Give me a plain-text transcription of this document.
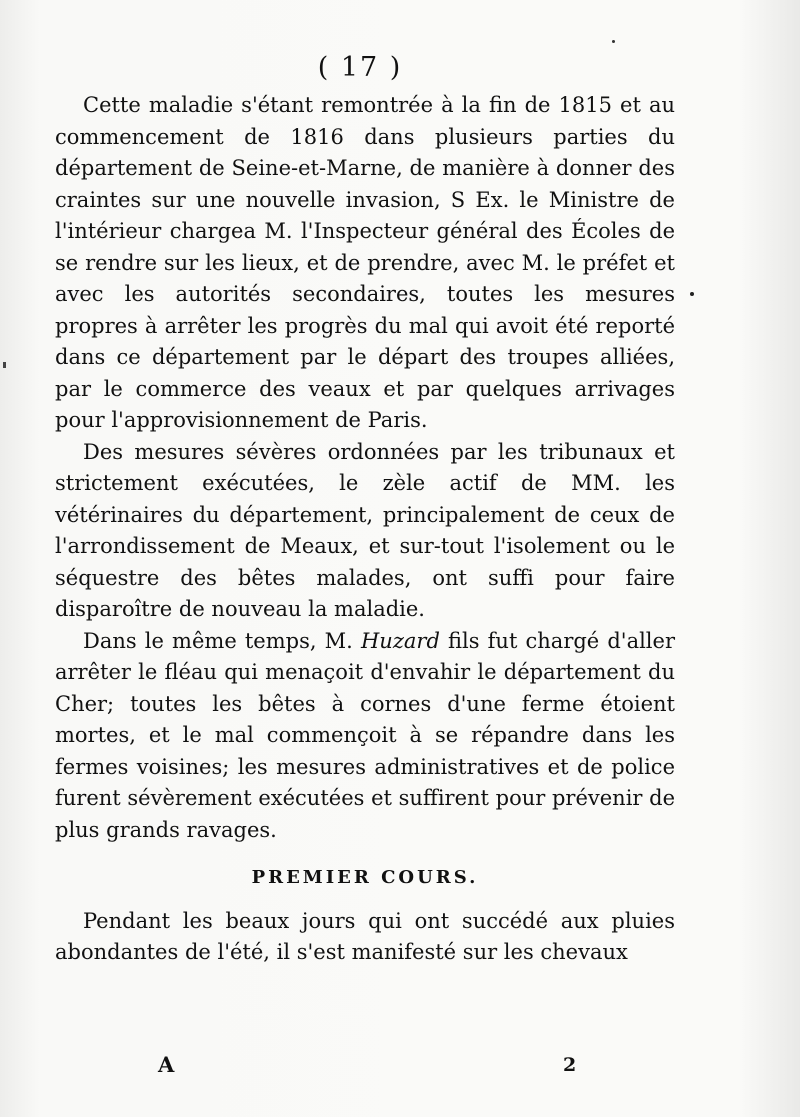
( 17 )

Cette maladie s'étant remontrée à la fin de 1815 et au commencement de 1816 dans plusieurs parties du département de Seine-et-Marne, de manière à donner des craintes sur une nouvelle invasion, S Ex. le Ministre de l'intérieur chargea M. l'Inspecteur général des Écoles de se rendre sur les lieux, et de prendre, avec M. le préfet et avec les autorités secondaires, toutes les mesures propres à arrêter les progrès du mal qui avoit été reporté dans ce département par le départ des troupes alliées, par le commerce des veaux et par quelques arrivages pour l'approvisionnement de Paris.

Des mesures sévères ordonnées par les tribunaux et strictement exécutées, le zèle actif de MM. les vétérinaires du département, principalement de ceux de l'arrondissement de Meaux, et sur-tout l'isolement ou le séquestre des bêtes malades, ont suffi pour faire disparoître de nouveau la maladie.

Dans le même temps, M. Huzard fils fut chargé d'aller arrêter le fléau qui menaçoit d'envahir le département du Cher; toutes les bêtes à cornes d'une ferme étoient mortes, et le mal commençoit à se répandre dans les fermes voisines; les mesures administratives et de police furent sévèrement exécutées et suffirent pour prévenir de plus grands ravages.

PREMIER COURS.

Pendant les beaux jours qui ont succédé aux pluies abondantes de l'été, il s'est manifesté sur les chevaux

A	2
